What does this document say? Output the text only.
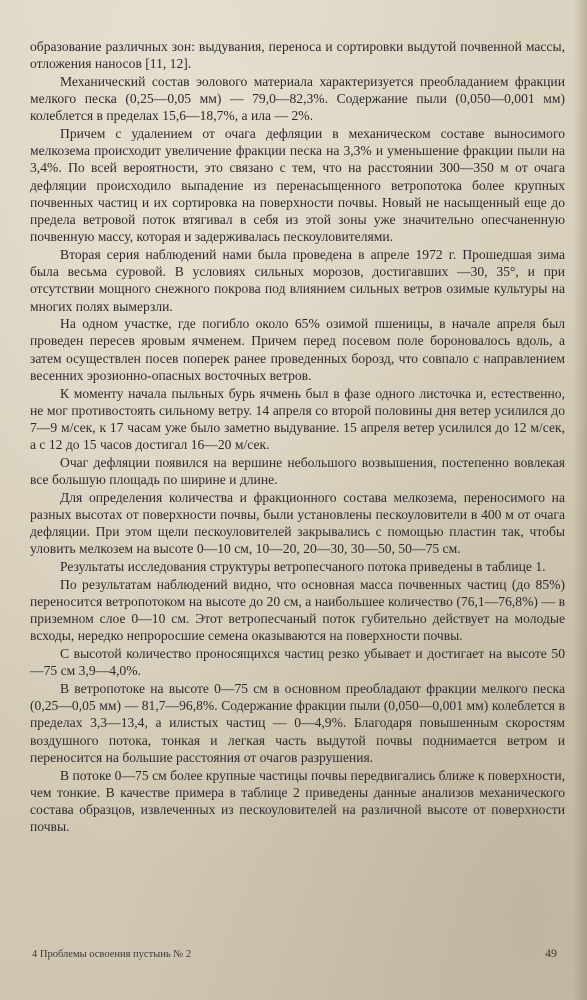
образование различных зон: выдувания, переноса и сортировки выдутой почвенной массы, отложения наносов [11, 12].

Механический состав эолового материала характеризуется преобладанием фракции мелкого песка (0,25—0,05 мм) — 79,0—82,3%. Содержание пыли (0,050—0,001 мм) колеблется в пределах 15,6—18,7%, а ила — 2%.

Причем с удалением от очага дефляции в механическом составе выносимого мелкозема происходит увеличение фракции песка на 3,3% и уменьшение фракции пыли на 3,4%. По всей вероятности, это связано с тем, что на расстоянии 300—350 м от очага дефляции происходило выпадение из перенасыщенного ветропотока более крупных почвенных частиц и их сортировка на поверхности почвы. Новый не насыщенный еще до предела ветровой поток втягивал в себя из этой зоны уже значительно опесчаненную почвенную массу, которая и задерживалась пескоуловителями.

Вторая серия наблюдений нами была проведена в апреле 1972 г. Прошедшая зима была весьма суровой. В условиях сильных морозов, достигавших —30, 35°, и при отсутствии мощного снежного покрова под влиянием сильных ветров озимые культуры на многих полях вымерзли.

На одном участке, где погибло около 65% озимой пшеницы, в начале апреля был проведен пересев яровым ячменем. Причем перед посевом поле бороновалось вдоль, а затем осуществлен посев поперек ранее проведенных борозд, что совпало с направлением весенних эрозионно-опасных восточных ветров.

К моменту начала пыльных бурь ячмень был в фазе одного листочка и, естественно, не мог противостоять сильному ветру. 14 апреля со второй половины дня ветер усилился до 7—9 м/сек, к 17 часам уже было заметно выдувание. 15 апреля ветер усилился до 12 м/сек, а с 12 до 15 часов достигал 16—20 м/сек.

Очаг дефляции появился на вершине небольшого возвышения, постепенно вовлекая все большую площадь по ширине и длине.

Для определения количества и фракционного состава мелкозема, переносимого на разных высотах от поверхности почвы, были установлены пескоуловители в 400 м от очага дефляции. При этом щели пескоуловителей закрывались с помощью пластин так, чтобы уловить мелкозем на высоте 0—10 см, 10—20, 20—30, 30—50, 50—75 см.

Результаты исследования структуры ветропесчаного потока приведены в таблице 1.

По результатам наблюдений видно, что основная масса почвенных частиц (до 85%) переносится ветропотоком на высоте до 20 см, а наибольшее количество (76,1—76,8%) — в приземном слое 0—10 см. Этот ветропесчаный поток губительно действует на молодые всходы, нередко непроросшие семена оказываются на поверхности почвы.

С высотой количество проносящихся частиц резко убывает и достигает на высоте 50—75 см 3,9—4,0%.

В ветропотоке на высоте 0—75 см в основном преобладают фракции мелкого песка (0,25—0,05 мм) — 81,7—96,8%. Содержание фракции пыли (0,050—0,001 мм) колеблется в пределах 3,3—13,4, а илистых частиц — 0—4,9%. Благодаря повышенным скоростям воздушного потока, тонкая и легкая часть выдутой почвы поднимается ветром и переносится на большие расстояния от очагов разрушения.

В потоке 0—75 см более крупные частицы почвы передвигались ближе к поверхности, чем тонкие. В качестве примера в таблице 2 приведены данные анализов механического состава образцов, извлеченных из пескоуловителей на различной высоте от поверхности почвы.

4 Проблемы освоения пустынь № 2	49
